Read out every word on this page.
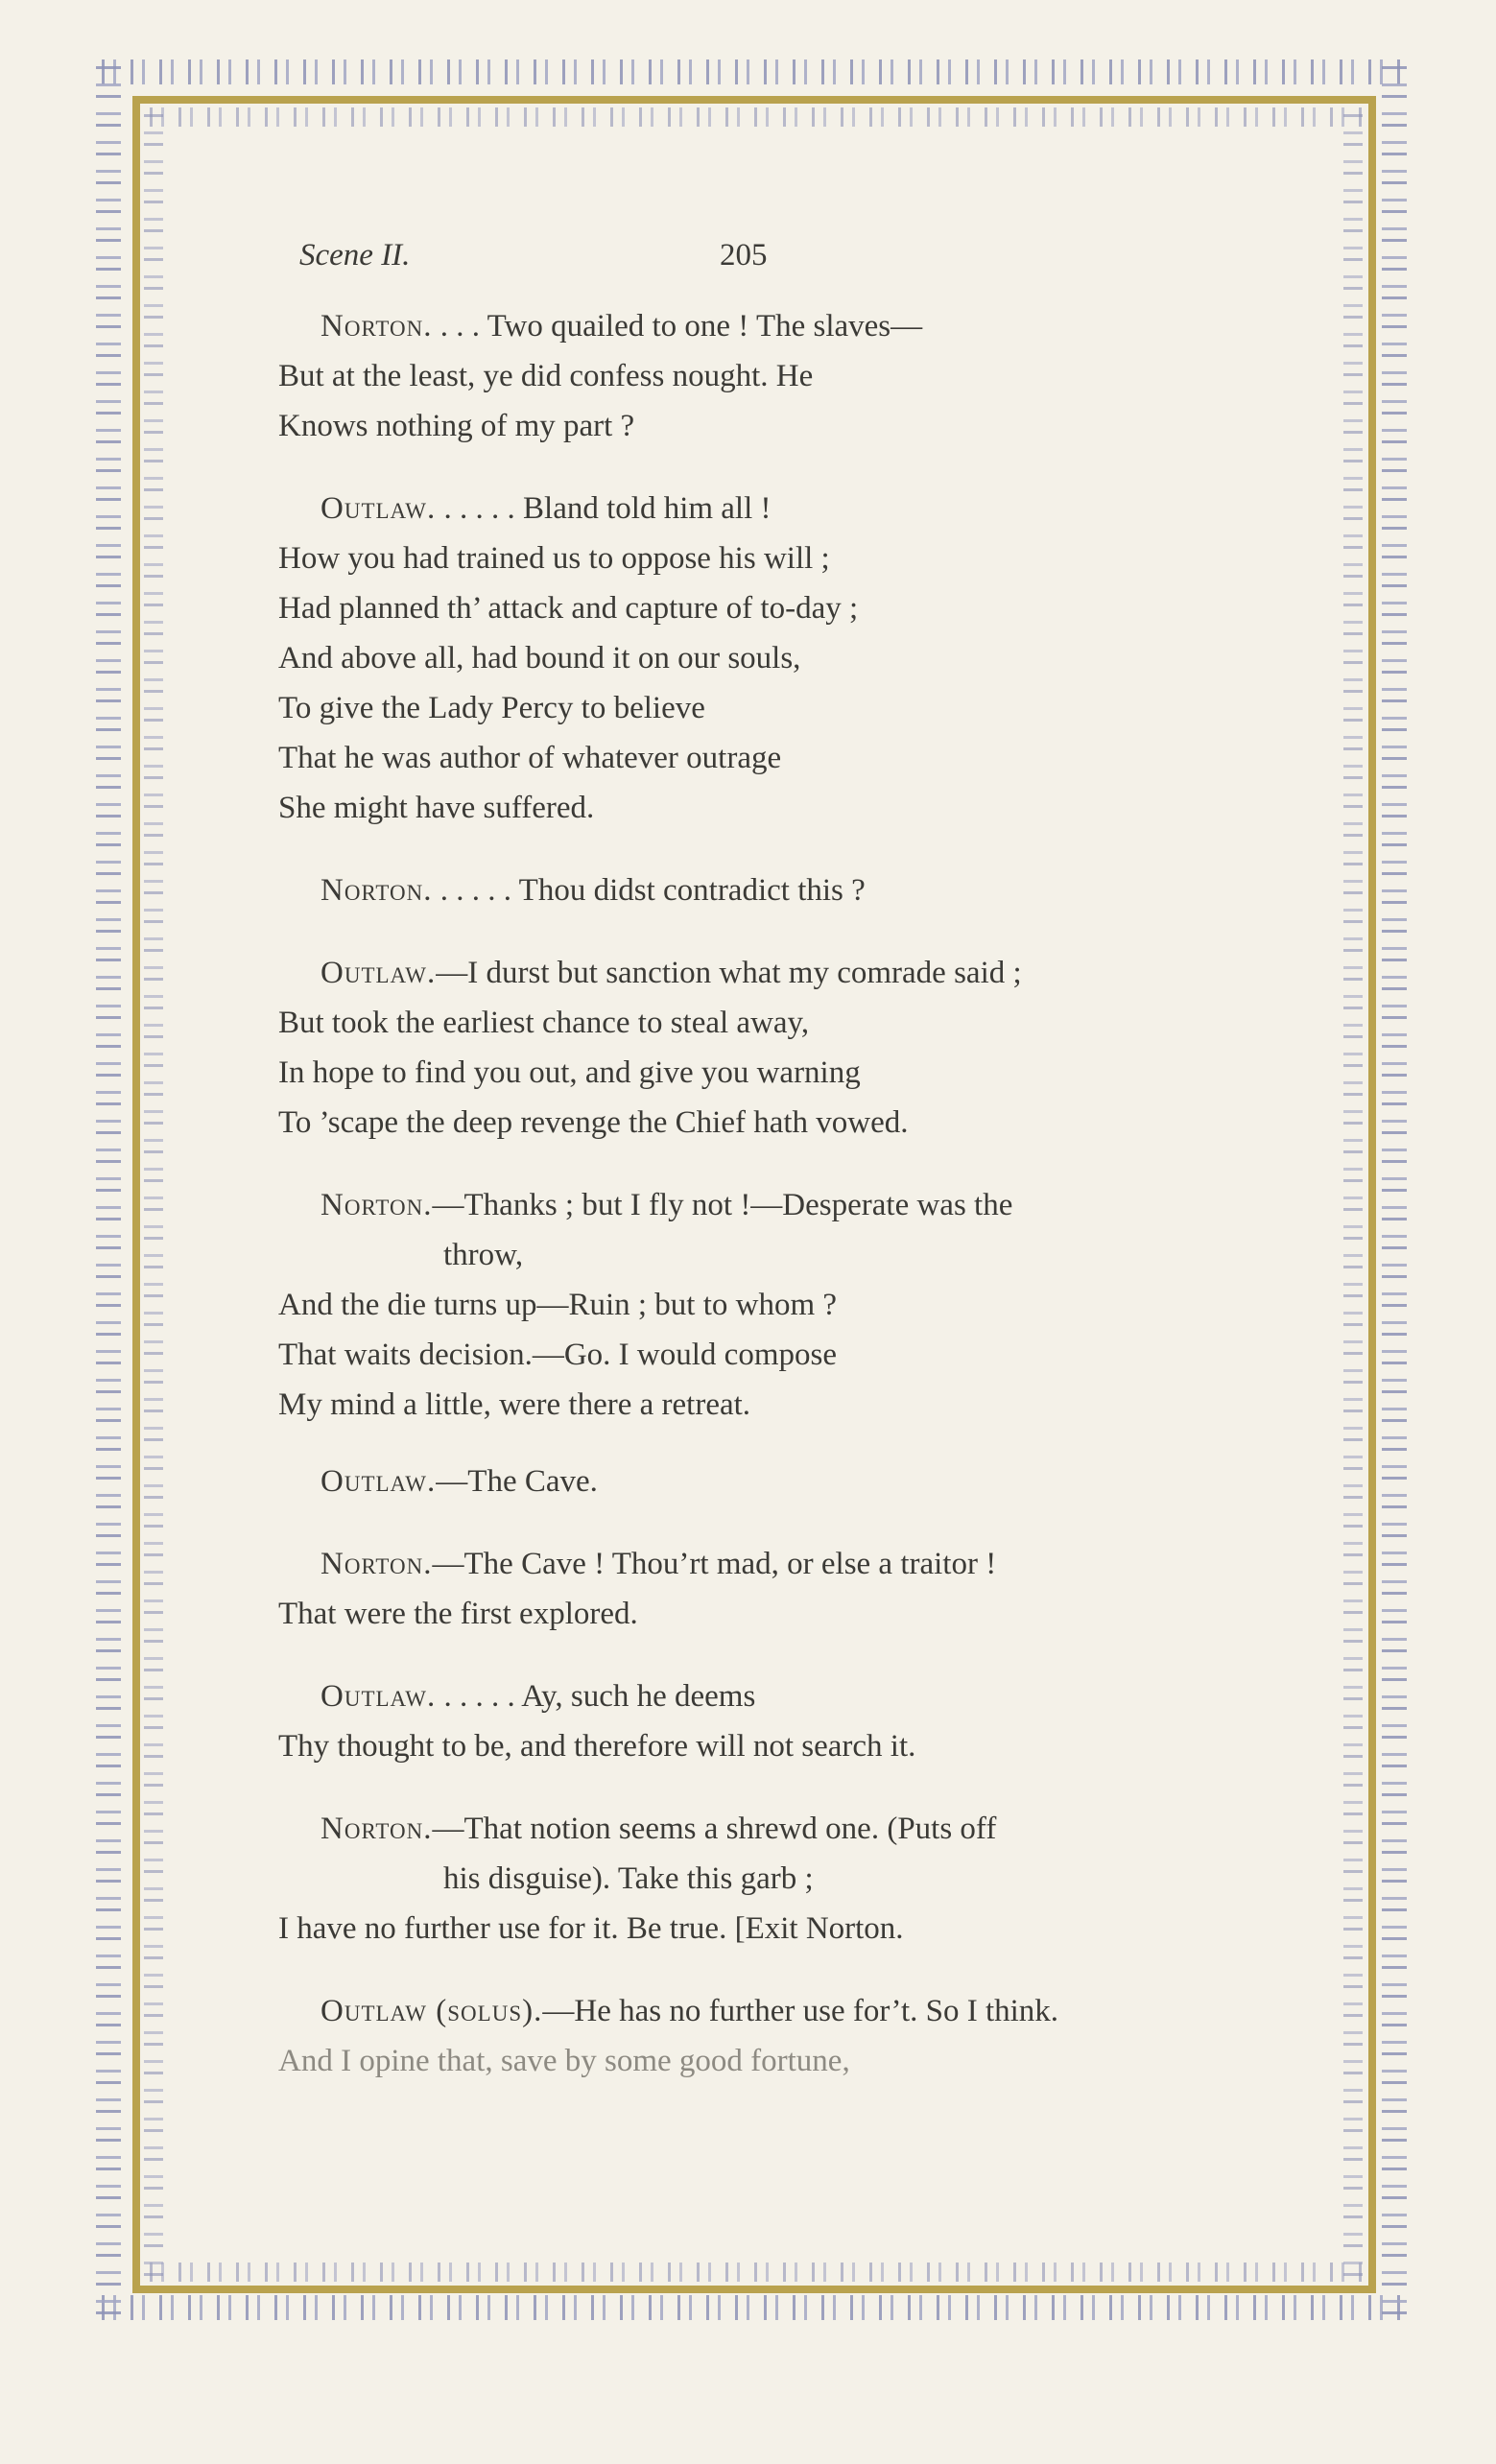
Scene II.	205
Norton. . . . Two quailed to one ! The slaves—
But at the least, ye did confess nought. He
Knows nothing of my part ?
Outlaw. . . . . . Bland told him all !
How you had trained us to oppose his will ;
Had planned th’ attack and capture of to-day ;
And above all, had bound it on our souls,
To give the Lady Percy to believe
That he was author of whatever outrage
She might have suffered.
Norton. . . . . . Thou didst contradict this ?
Outlaw.—I durst but sanction what my comrade said ;
But took the earliest chance to steal away,
In hope to find you out, and give you warning
To ’scape the deep revenge the Chief hath vowed.
Norton.—Thanks ; but I fly not !—Desperate was the
throw,
And the die turns up—Ruin ; but to whom ?
That waits decision.—Go. I would compose
My mind a little, were there a retreat.
Outlaw.—The Cave.
Norton.—The Cave ! Thou’rt mad, or else a traitor !
That were the first explored.
Outlaw. . . . . . Ay, such he deems
Thy thought to be, and therefore will not search it.
Norton.—That notion seems a shrewd one. (Puts off
his disguise). Take this garb ;
I have no further use for it. Be true. [Exit Norton.
Outlaw (solus).—He has no further use for’t. So I think.
And I opine that, save by some good fortune,
